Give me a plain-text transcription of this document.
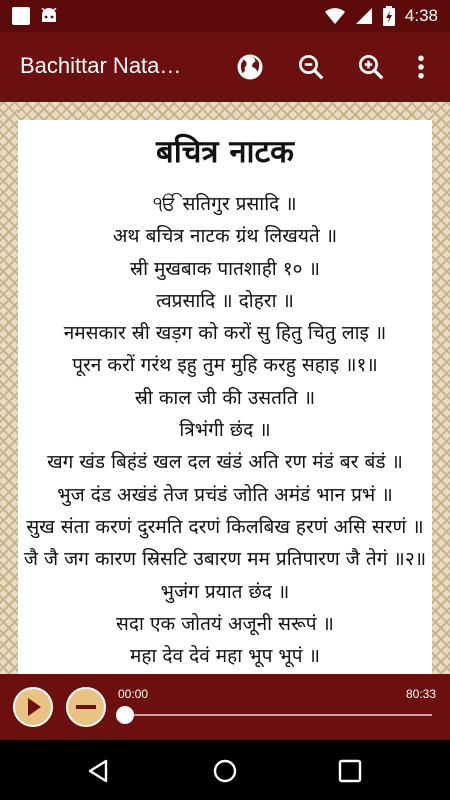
4:38
Bachittar Nata…
बचित्र नाटक
ੴ सतिगुर प्रसादि ॥
अथ बचित्र नाटक ग्रंथ लिखयते ॥
स्री मुखबाक पातशाही १० ॥
त्वप्रसादि ॥ दोहरा ॥
नमसकार स्री खड़ग को करों सु हितु चितु लाइ ॥
पूरन करों गरंथ इहु तुम मुहि करहु सहाइ ॥१॥
स्री काल जी की उसतति ॥
त्रिभंगी छंद ॥
खग खंड बिहंडं खल दल खंडं अति रण मंडं बर बंडं ॥
भुज दंड अखंडं तेज प्रचंडं जोति अमंडं भान प्रभं ॥
सुख संता करणं दुरमति दरणं किलबिख हरणं असि सरणं ॥
जै जै जग कारण स्रिसटि उबारण मम प्रतिपारण जै तेगं ॥२॥
भुजंग प्रयात छंद ॥
सदा एक जोतयं अजूनी सरूपं ॥
महा देव देवं महा भूप भूपं ॥
00:00	80:33
